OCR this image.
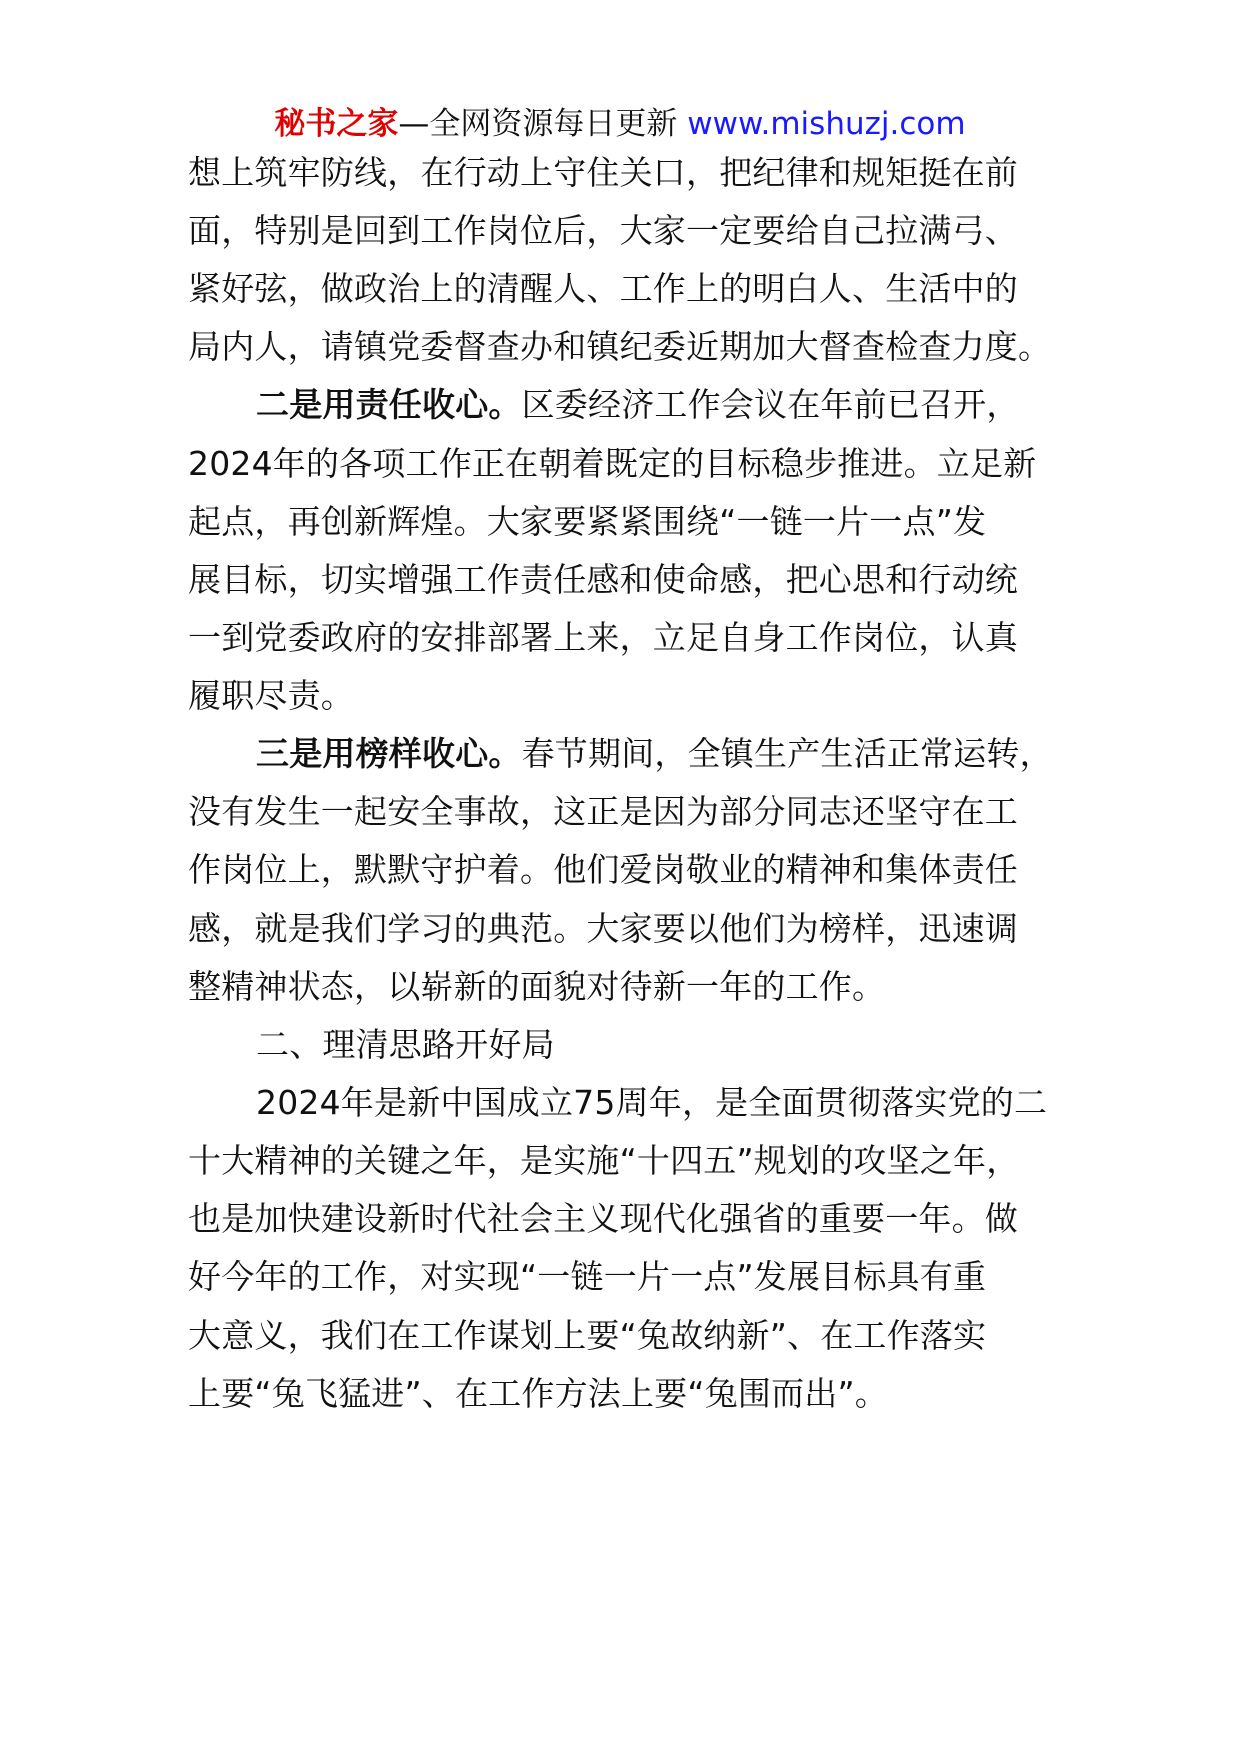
秘书之家—全网资源每日更新 www.mishuzj.com
想上筑牢防线，在行动上守住关口，把纪律和规矩挺在前
面，特别是回到工作岗位后，大家一定要给自己拉满弓、
紧好弦，做政治上的清醒人、工作上的明白人、生活中的
局内人，请镇党委督查办和镇纪委近期加大督查检查力度。
二是用责任收心。区委经济工作会议在年前已召开，
2024年的各项工作正在朝着既定的目标稳步推进。立足新
起点，再创新辉煌。大家要紧紧围绕“一链一片一点”发
展目标，切实增强工作责任感和使命感，把心思和行动统
一到党委政府的安排部署上来，立足自身工作岗位，认真
履职尽责。
三是用榜样收心。春节期间，全镇生产生活正常运转，
没有发生一起安全事故，这正是因为部分同志还坚守在工
作岗位上，默默守护着。他们爱岗敬业的精神和集体责任
感，就是我们学习的典范。大家要以他们为榜样，迅速调
整精神状态，以崭新的面貌对待新一年的工作。
二、理清思路开好局
2024年是新中国成立75周年，是全面贯彻落实党的二
十大精神的关键之年，是实施“十四五”规划的攻坚之年，
也是加快建设新时代社会主义现代化强省的重要一年。做
好今年的工作，对实现“一链一片一点”发展目标具有重
大意义，我们在工作谋划上要“兔故纳新”、在工作落实
上要“兔飞猛进”、在工作方法上要“兔围而出”。
